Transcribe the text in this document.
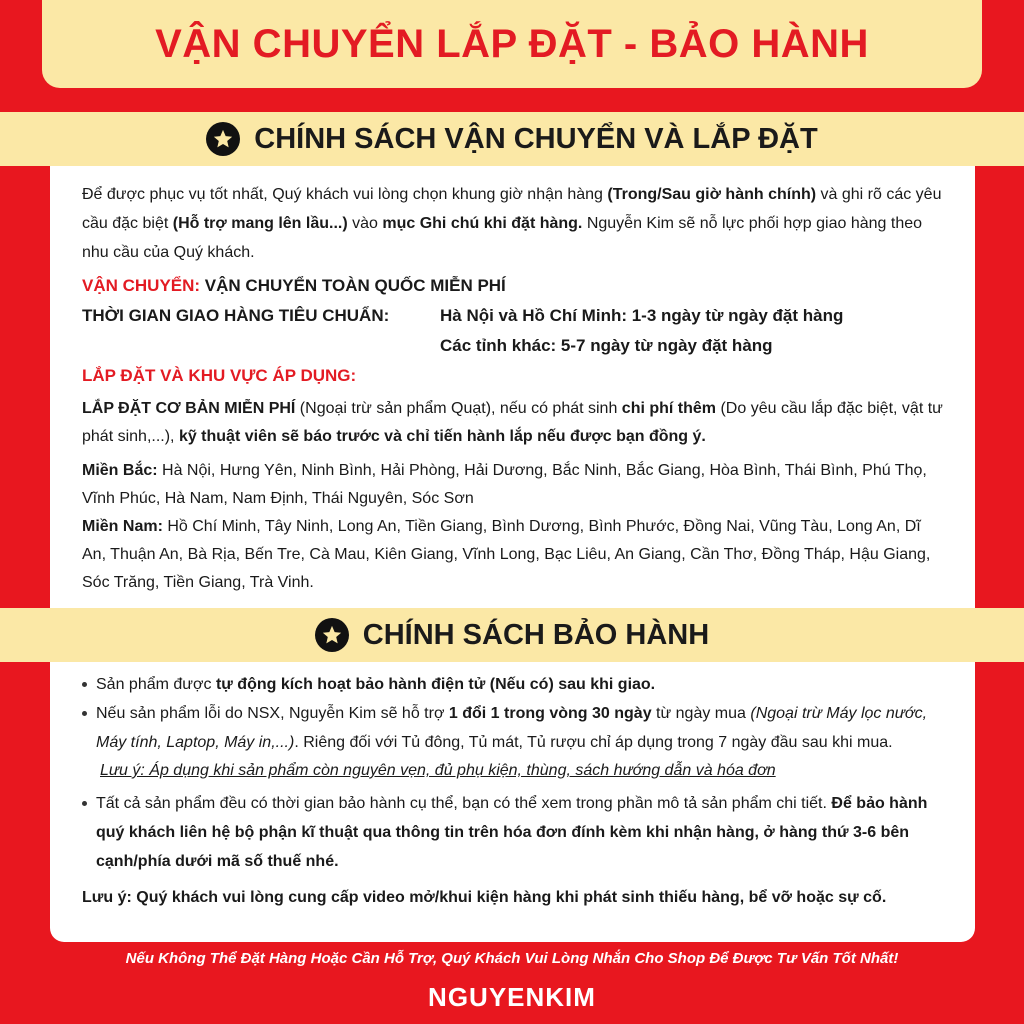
VẬN CHUYỂN LẮP ĐẶT - BẢO HÀNH
CHÍNH SÁCH VẬN CHUYỂN VÀ LẮP ĐẶT

Để được phục vụ tốt nhất, Quý khách vui lòng chọn khung giờ nhận hàng (Trong/Sau giờ hành chính) và ghi rõ các yêu cầu đặc biệt (Hỗ trợ mang lên lầu...) vào mục Ghi chú khi đặt hàng. Nguyễn Kim sẽ nỗ lực phối hợp giao hàng theo nhu cầu của Quý khách.

VẬN CHUYỂN:
VẬN CHUYỂN TOÀN QUỐC MIỄN PHÍ
THỜI GIAN GIAO HÀNG TIÊU CHUẨN:	Hà Nội và Hồ Chí Minh: 1-3 ngày từ ngày đặt hàng
Các tỉnh khác: 5-7 ngày từ ngày đặt hàng
LẮP ĐẶT VÀ KHU VỰC ÁP DỤNG:

LẮP ĐẶT CƠ BẢN MIỄN PHÍ (Ngoại trừ sản phẩm Quạt), nếu có phát sinh chi phí thêm (Do yêu cầu lắp đặc biệt, vật tư phát sinh,...), kỹ thuật viên sẽ báo trước và chỉ tiến hành lắp nếu được bạn đồng ý.

Miền Bắc: Hà Nội, Hưng Yên, Ninh Bình, Hải Phòng, Hải Dương, Bắc Ninh, Bắc Giang, Hòa Bình, Thái Bình, Phú Thọ, Vĩnh Phúc, Hà Nam, Nam Định, Thái Nguyên, Sóc Sơn

Miền Nam: Hồ Chí Minh, Tây Ninh, Long An, Tiền Giang, Bình Dương, Bình Phước, Đồng Nai, Vũng Tàu, Long An, Dĩ An, Thuận An, Bà Rịa, Bến Tre, Cà Mau, Kiên Giang, Vĩnh Long, Bạc Liêu, An Giang, Cần Thơ, Đồng Tháp, Hậu Giang, Sóc Trăng, Tiền Giang, Trà Vinh.

CHÍNH SÁCH BẢO HÀNH
Sản phẩm được tự động kích hoạt bảo hành điện tử (Nếu có) sau khi giao.
Nếu sản phẩm lỗi do NSX, Nguyễn Kim sẽ hỗ trợ 1 đổi 1 trong vòng 30 ngày từ ngày mua (Ngoại trừ Máy lọc nước, Máy tính, Laptop, Máy in,...). Riêng đối với Tủ đông, Tủ mát, Tủ rượu chỉ áp dụng trong 7 ngày đầu sau khi mua.

Lưu ý: Áp dụng khi sản phẩm còn nguyên vẹn, đủ phụ kiện, thùng, sách hướng dẫn và hóa đơn

Tất cả sản phẩm đều có thời gian bảo hành cụ thể, bạn có thể xem trong phần mô tả sản phẩm chi tiết. Để bảo hành quý khách liên hệ bộ phận kĩ thuật qua thông tin trên hóa đơn đính kèm khi nhận hàng, ở hàng thứ 3-6 bên cạnh/phía dưới mã số thuế nhé.

Lưu ý: Quý khách vui lòng cung cấp video mở/khui kiện hàng khi phát sinh thiếu hàng, bể vỡ hoặc sự cố.

Nếu Không Thể Đặt Hàng Hoặc Cần Hỗ Trợ, Quý Khách Vui Lòng Nhắn Cho Shop Để Được Tư Vấn Tốt Nhất!
NGUYENKIM
